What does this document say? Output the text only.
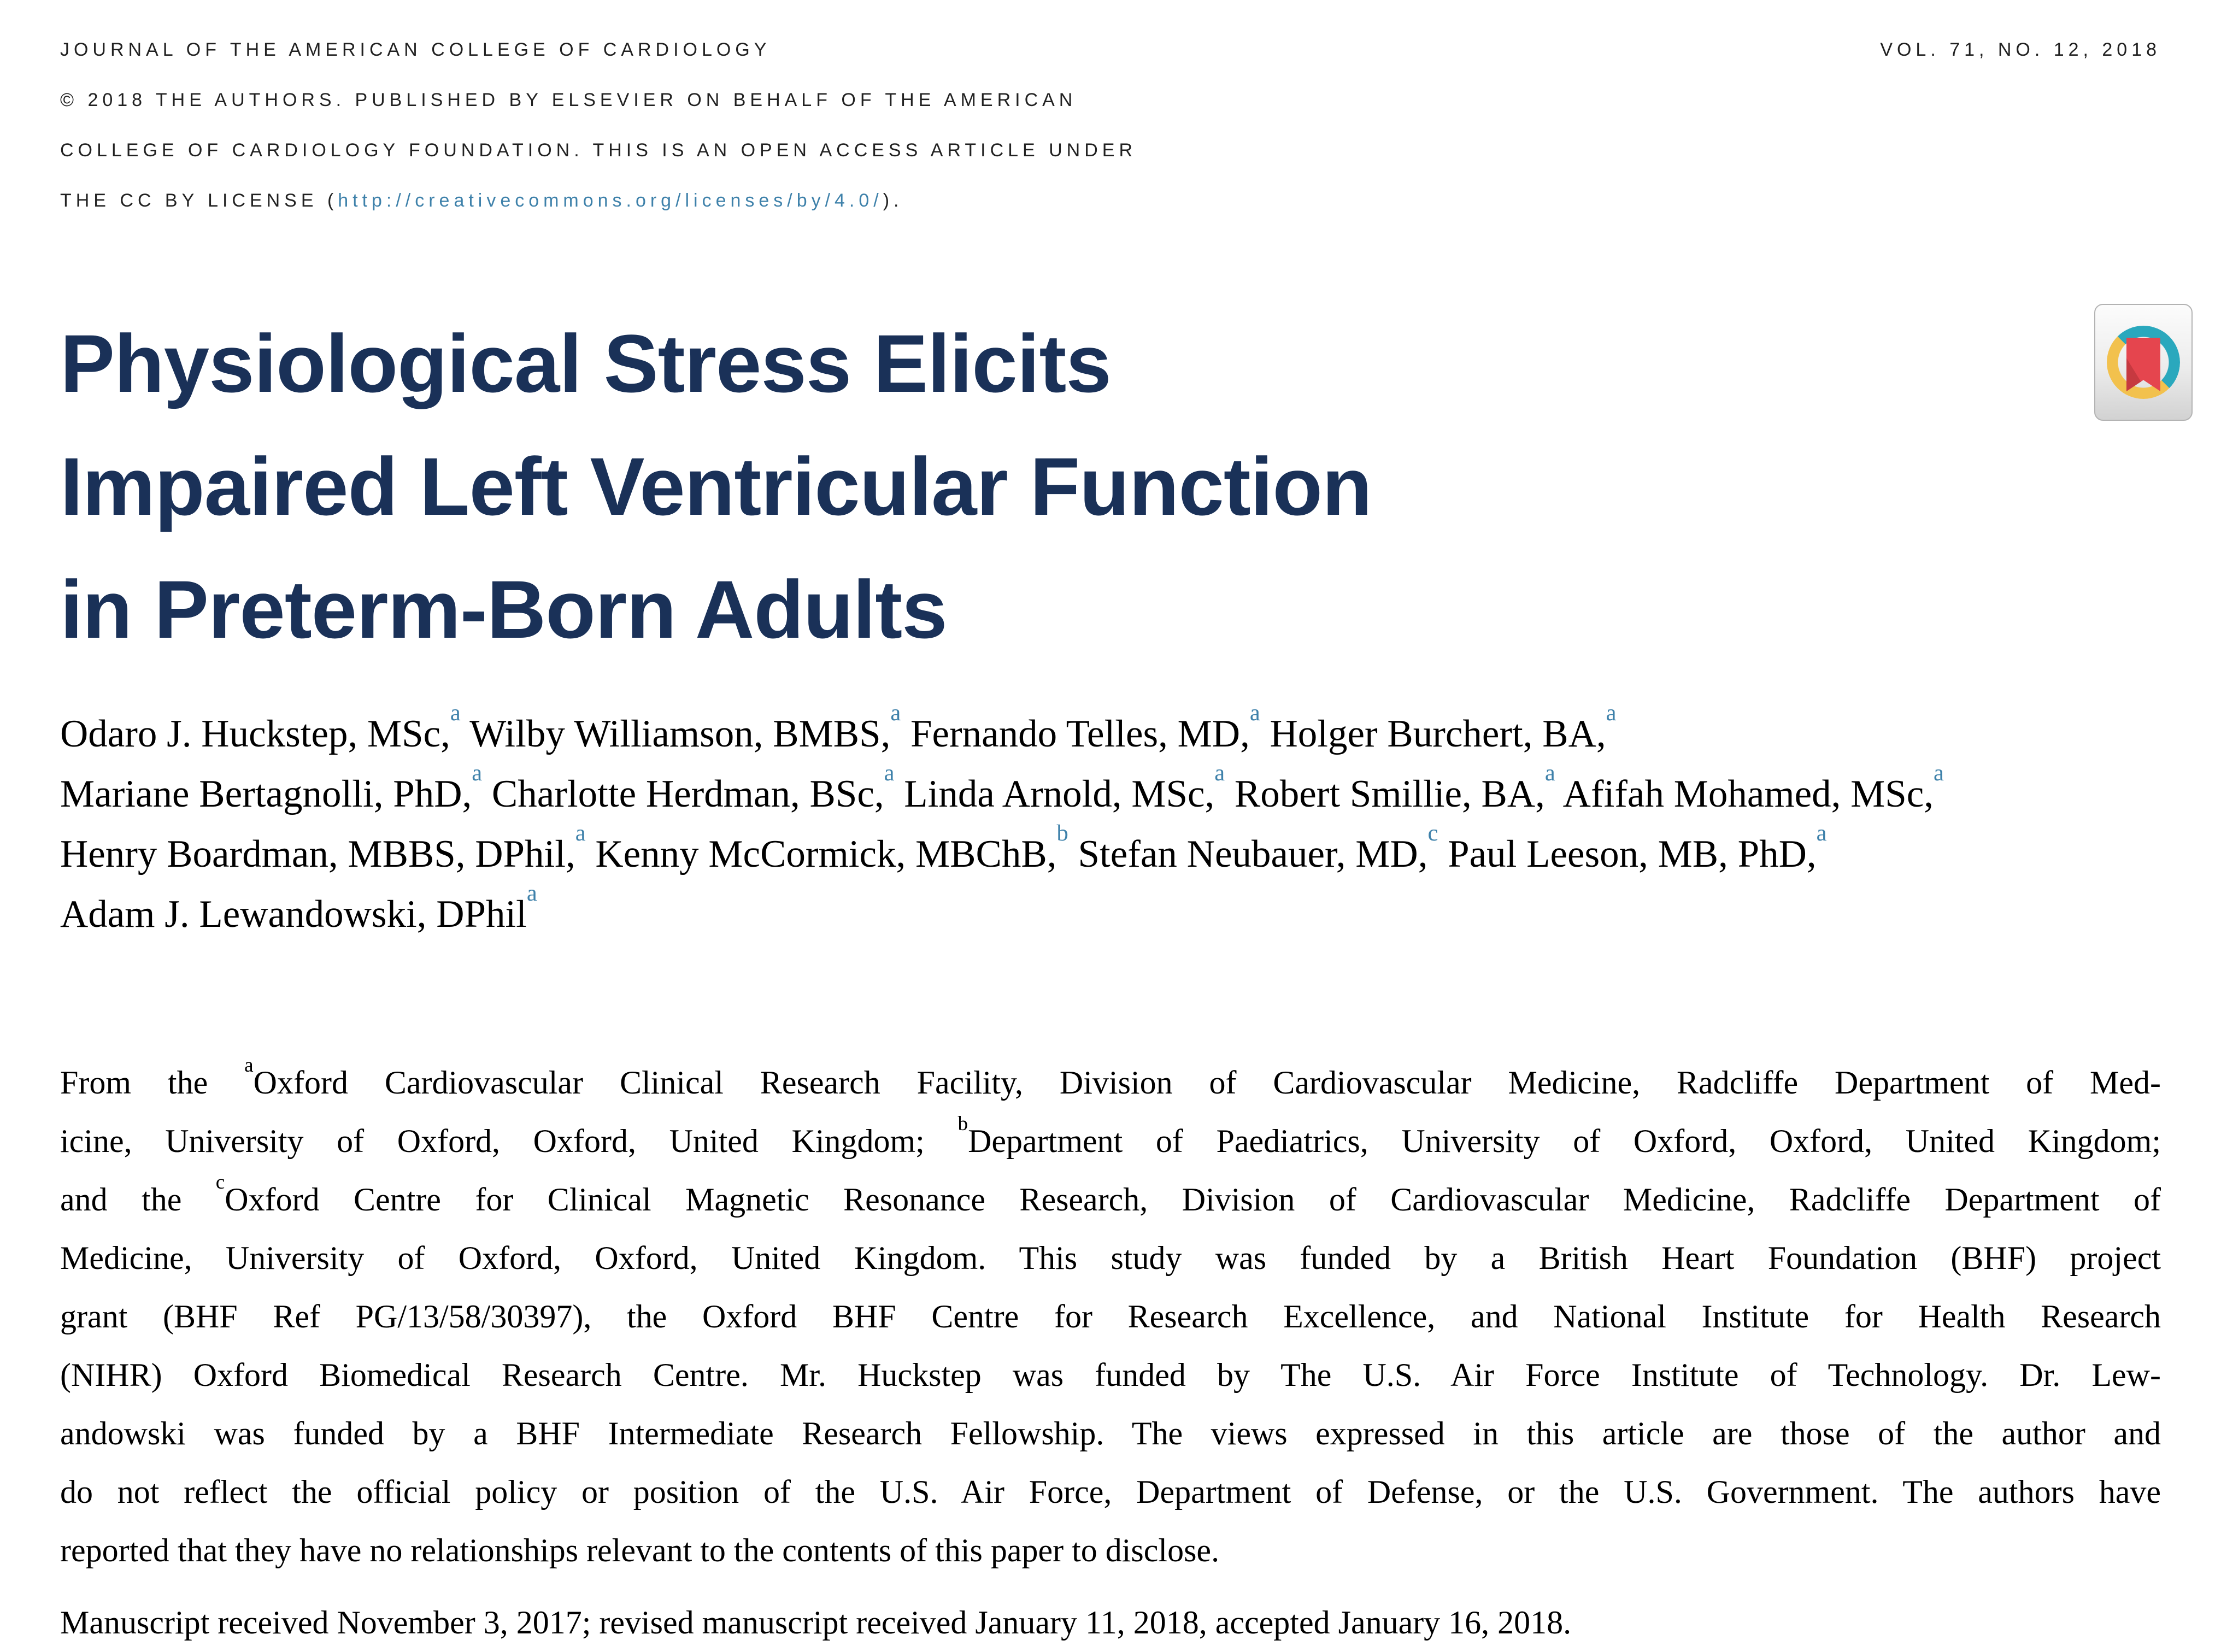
JOURNAL OF THE AMERICAN COLLEGE OF CARDIOLOGY	VOL. 71, NO. 12, 2018
© 2018 THE AUTHORS. PUBLISHED BY ELSEVIER ON BEHALF OF THE AMERICAN
COLLEGE OF CARDIOLOGY FOUNDATION. THIS IS AN OPEN ACCESS ARTICLE UNDER
THE CC BY LICENSE (http://creativecommons.org/licenses/by/4.0/).
Physiological Stress Elicits
Impaired Left Ventricular Function
in Preterm-Born Adults
Odaro J. Huckstep, MSc,$^a$ Wilby Williamson, BMBS,$^a$ Fernando Telles, MD,$^a$ Holger Burchert, BA,$^a$
Mariane Bertagnolli, PhD,$^a$ Charlotte Herdman, BSc,$^a$ Linda Arnold, MSc,$^a$ Robert Smillie, BA,$^a$ Afifah Mohamed, MSc,$^a$
Henry Boardman, MBBS, DPhil,$^a$ Kenny McCormick, MBChB,$^b$ Stefan Neubauer, MD,$^c$ Paul Leeson, MB, PhD,$^a$
Adam J. Lewandowski, DPhil$^a$
From the $^a$Oxford Cardiovascular Clinical Research Facility, Division of Cardiovascular Medicine, Radcliffe Department of Med-
icine, University of Oxford, Oxford, United Kingdom; $^b$Department of Paediatrics, University of Oxford, Oxford, United Kingdom;
and the $^c$Oxford Centre for Clinical Magnetic Resonance Research, Division of Cardiovascular Medicine, Radcliffe Department of
Medicine, University of Oxford, Oxford, United Kingdom. This study was funded by a British Heart Foundation (BHF) project
grant (BHF Ref PG/13/58/30397), the Oxford BHF Centre for Research Excellence, and National Institute for Health Research
(NIHR) Oxford Biomedical Research Centre. Mr. Huckstep was funded by The U.S. Air Force Institute of Technology. Dr. Lew-
andowski was funded by a BHF Intermediate Research Fellowship. The views expressed in this article are those of the author and
do not reflect the official policy or position of the U.S. Air Force, Department of Defense, or the U.S. Government. The authors have
reported that they have no relationships relevant to the contents of this paper to disclose.
Manuscript received November 3, 2017; revised manuscript received January 11, 2018, accepted January 16, 2018.
